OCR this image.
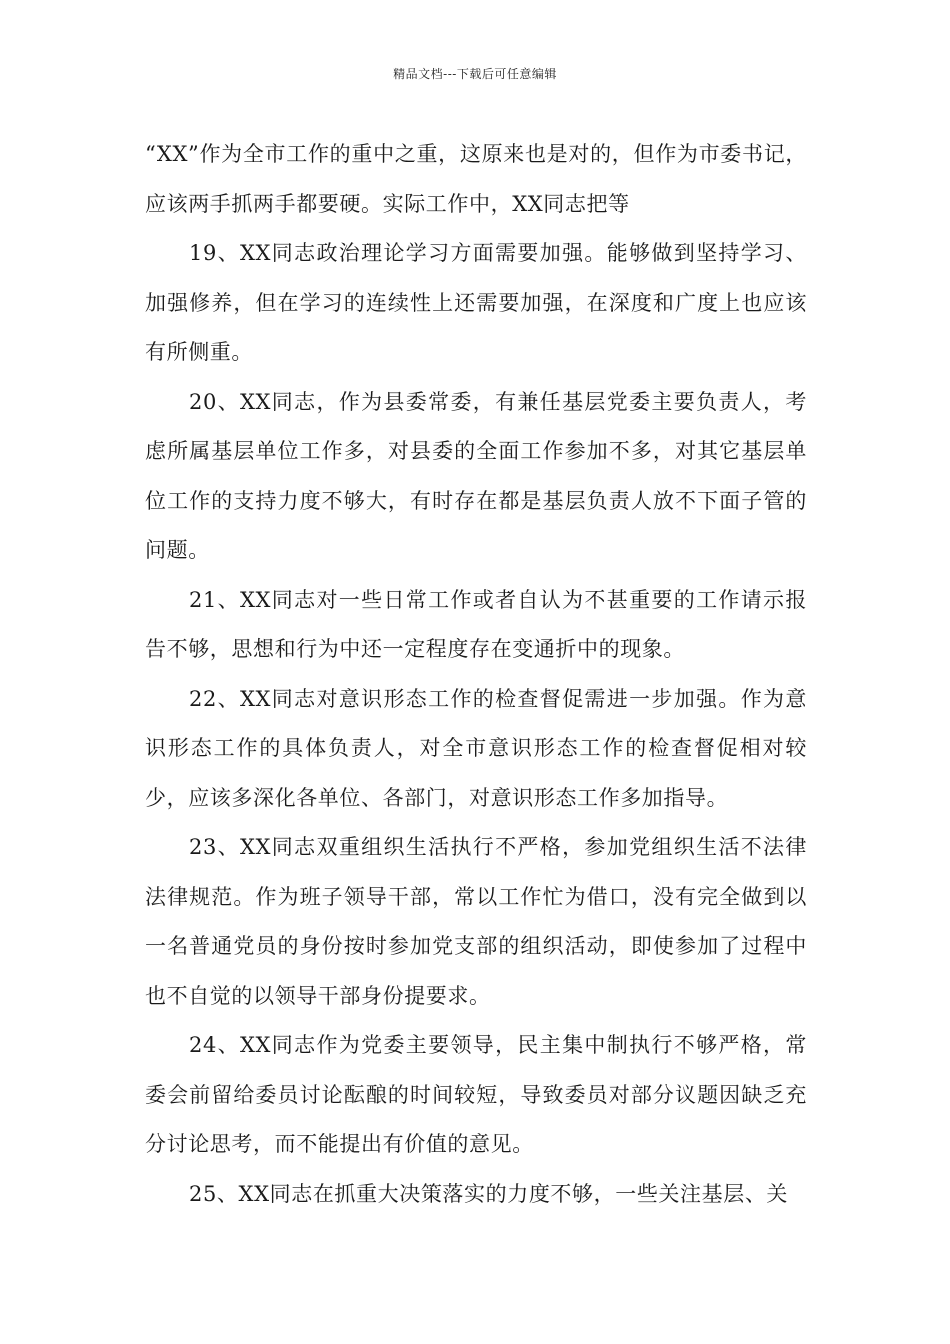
精品文档---下载后可任意编辑

“XX”作为全市工作的重中之重，这原来也是对的，但作为市委书记，应该两手抓两手都要硬。实际工作中，XX同志把等

19、XX同志政治理论学习方面需要加强。能够做到坚持学习、加强修养，但在学习的连续性上还需要加强，在深度和广度上也应该有所侧重。

20、XX同志，作为县委常委，有兼任基层党委主要负责人，考虑所属基层单位工作多，对县委的全面工作参加不多，对其它基层单位工作的支持力度不够大，有时存在都是基层负责人放不下面子管的问题。

21、XX同志对一些日常工作或者自认为不甚重要的工作请示报告不够，思想和行为中还一定程度存在变通折中的现象。

22、XX同志对意识形态工作的检查督促需进一步加强。作为意识形态工作的具体负责人，对全市意识形态工作的检查督促相对较少，应该多深化各单位、各部门，对意识形态工作多加指导。

23、XX同志双重组织生活执行不严格，参加党组织生活不法律法律规范。作为班子领导干部，常以工作忙为借口，没有完全做到以一名普通党员的身份按时参加党支部的组织活动，即使参加了过程中也不自觉的以领导干部身份提要求。

24、XX同志作为党委主要领导，民主集中制执行不够严格，常委会前留给委员讨论酝酿的时间较短，导致委员对部分议题因缺乏充分讨论思考，而不能提出有价值的意见。

25、XX同志在抓重大决策落实的力度不够，一些关注基层、关
